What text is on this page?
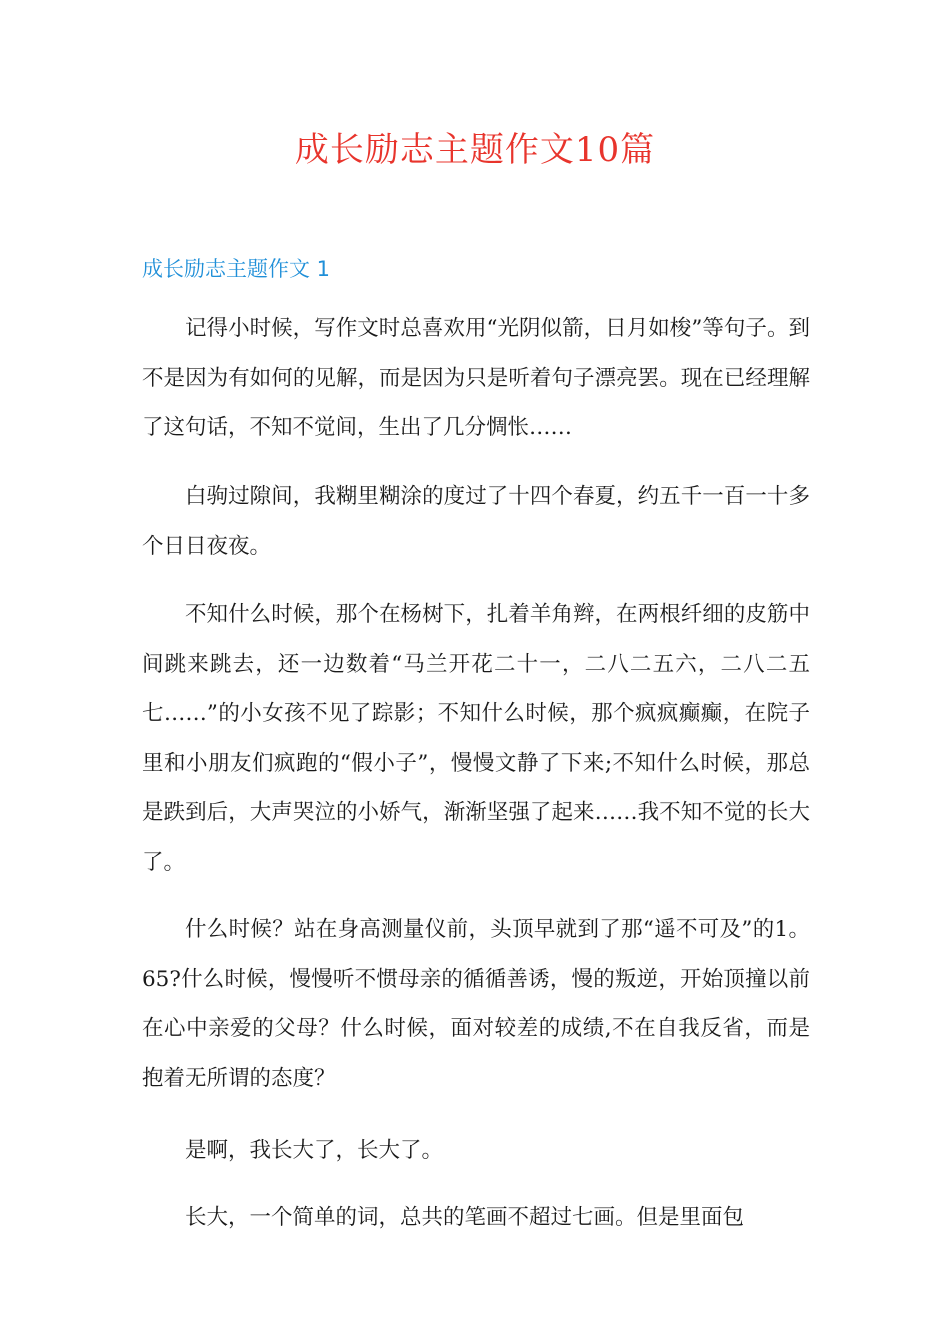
成长励志主题作文10篇
成长励志主题作文 1

记得小时候，写作文时总喜欢用“光阴似箭，日月如梭”等句子。到不是因为有如何的见解，而是因为只是听着句子漂亮罢。现在已经理解了这句话，不知不觉间，生出了几分惆怅……

白驹过隙间，我糊里糊涂的度过了十四个春夏，约五千一百一十多个日日夜夜。

不知什么时候，那个在杨树下，扎着羊角辫，在两根纤细的皮筋中间跳来跳去，还一边数着“马兰开花二十一，二八二五六，二八二五七……”的小女孩不见了踪影；不知什么时候，那个疯疯癫癫，在院子里和小朋友们疯跑的“假小子”，慢慢文静了下来;不知什么时候，那总是跌到后，大声哭泣的小娇气，渐渐坚强了起来……我不知不觉的长大了。

什么时候？站在身高测量仪前，头顶早就到了那“遥不可及”的1。65?什么时候，慢慢听不惯母亲的循循善诱，慢的叛逆，开始顶撞以前在心中亲爱的父母？什么时候，面对较差的成绩,不在自我反省，而是抱着无所谓的态度？

是啊，我长大了，长大了。

长大，一个简单的词，总共的笔画不超过七画。但是里面包
